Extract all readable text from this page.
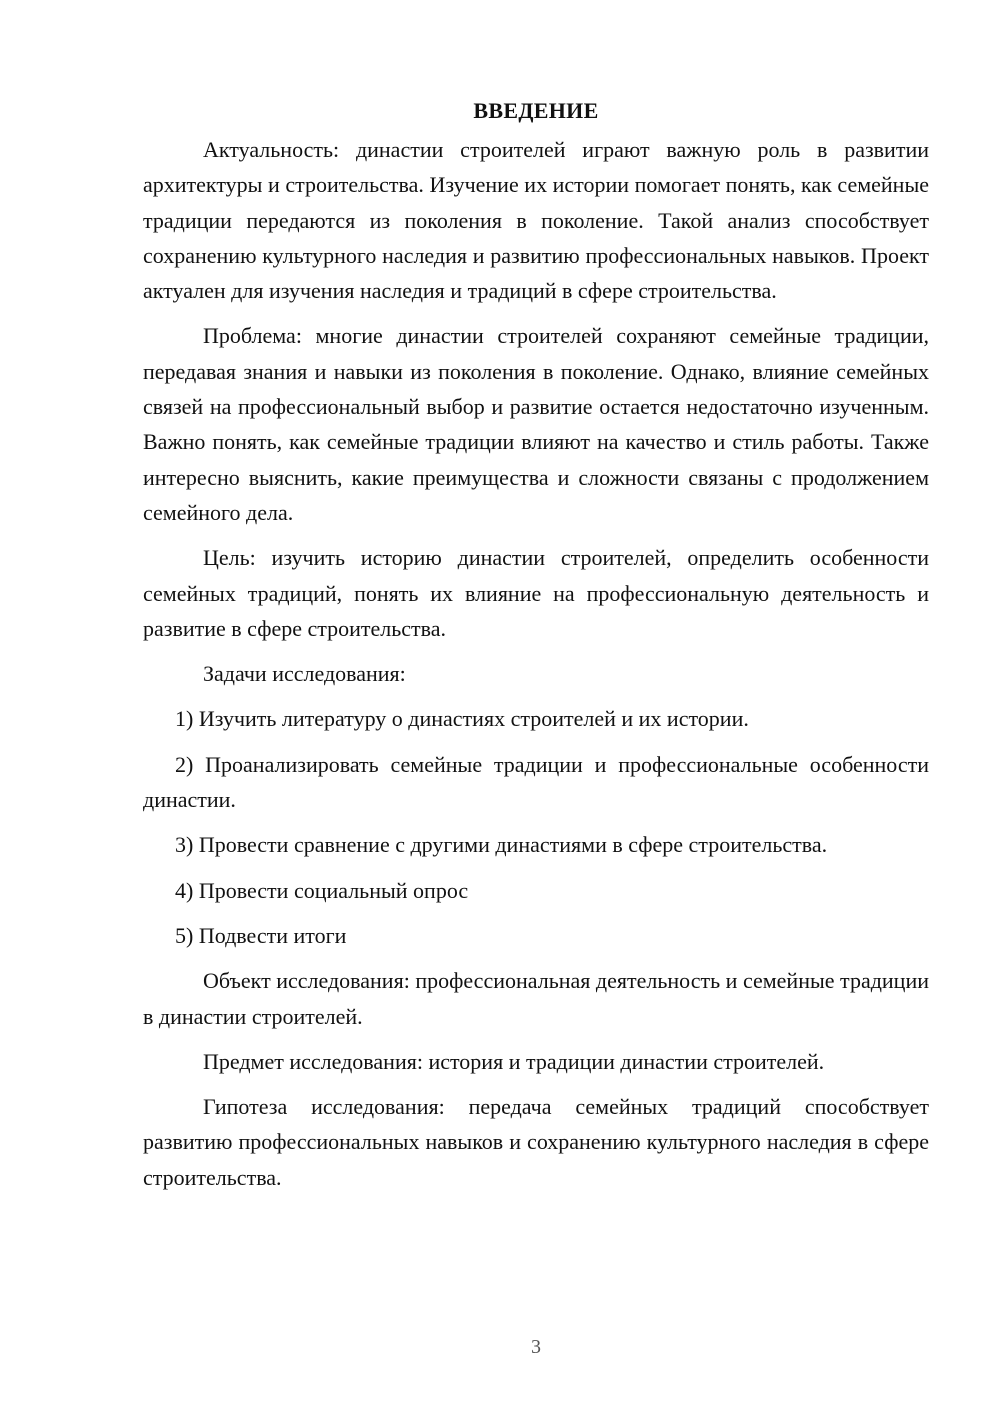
ВВЕДЕНИЕ

Актуальность: династии строителей играют важную роль в развитии архитектуры и строительства. Изучение их истории помогает понять, как семейные традиции передаются из поколения в поколение. Такой анализ способствует сохранению культурного наследия и развитию профессиональных навыков. Проект актуален для изучения наследия и традиций в сфере строительства.

Проблема: многие династии строителей сохраняют семейные традиции, передавая знания и навыки из поколения в поколение. Однако, влияние семейных связей на профессиональный выбор и развитие остается недостаточно изученным. Важно понять, как семейные традиции влияют на качество и стиль работы. Также интересно выяснить, какие преимущества и сложности связаны с продолжением семейного дела.

Цель: изучить историю династии строителей, определить особенности семейных традиций, понять их влияние на профессиональную деятельность и развитие в сфере строительства.

Задачи исследования:

1) Изучить литературу о династиях строителей и их истории.

2) Проанализировать семейные традиции и профессиональные особенности династии.

3) Провести сравнение с другими династиями в сфере строительства.

4) Провести социальный опрос

5) Подвести итоги

Объект исследования: профессиональная деятельность и семейные традиции в династии строителей.

Предмет исследования: история и традиции династии строителей.

Гипотеза исследования: передача семейных традиций способствует развитию профессиональных навыков и сохранению культурного наследия в сфере строительства.

3
